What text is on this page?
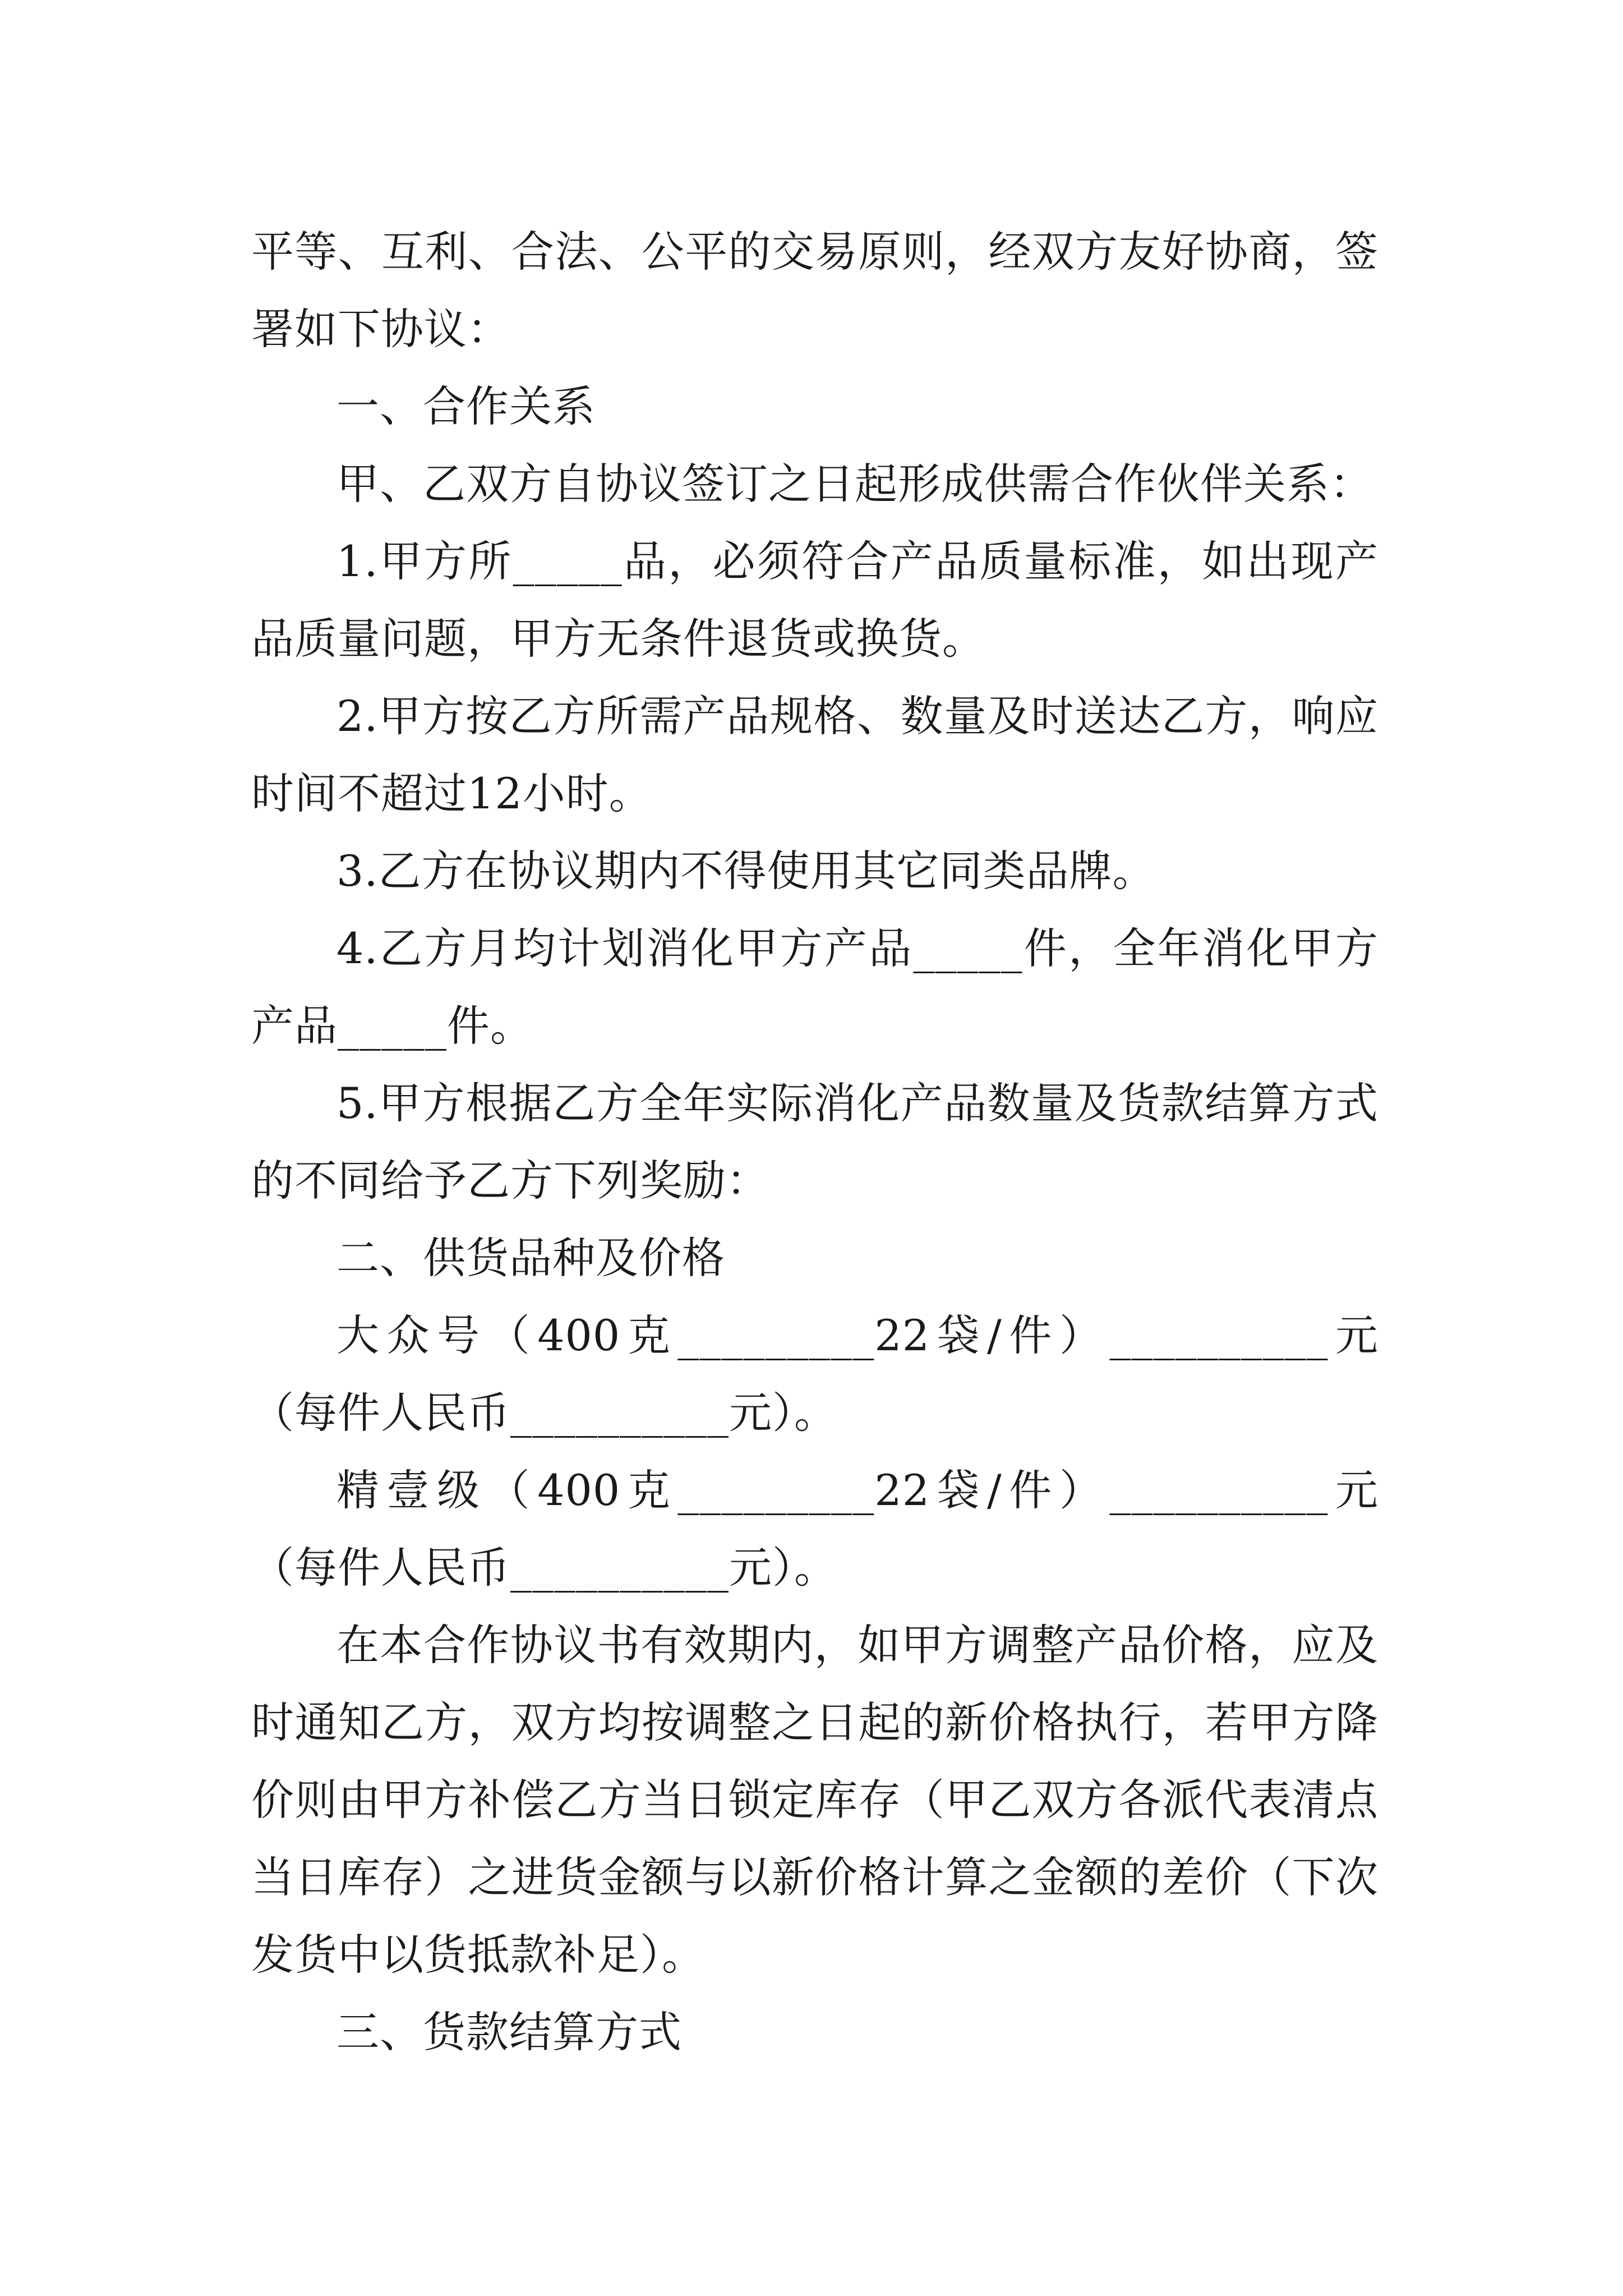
平等、互利、合法、公平的交易原则，经双方友好协商，签署如下协议：

一、合作关系

甲、乙双方自协议签订之日起形成供需合作伙伴关系：

1.甲方所_____品，必须符合产品质量标准，如出现产品质量问题，甲方无条件退货或换货。

2.甲方按乙方所需产品规格、数量及时送达乙方，响应时间不超过12小时。

3.乙方在协议期内不得使用其它同类品牌。

4.乙方月均计划消化甲方产品_____件，全年消化甲方产品_____件。

5.甲方根据乙方全年实际消化产品数量及货款结算方式的不同给予乙方下列奖励：

二、供货品种及价格

大众号（400克_________22袋/件）__________元（每件人民币__________元）。

精壹级（400克_________22袋/件）__________元（每件人民币__________元）。

在本合作协议书有效期内，如甲方调整产品价格，应及时通知乙方，双方均按调整之日起的新价格执行，若甲方降价则由甲方补偿乙方当日锁定库存（甲乙双方各派代表清点当日库存）之进货金额与以新价格计算之金额的差价（下次发货中以货抵款补足）。

三、货款结算方式
